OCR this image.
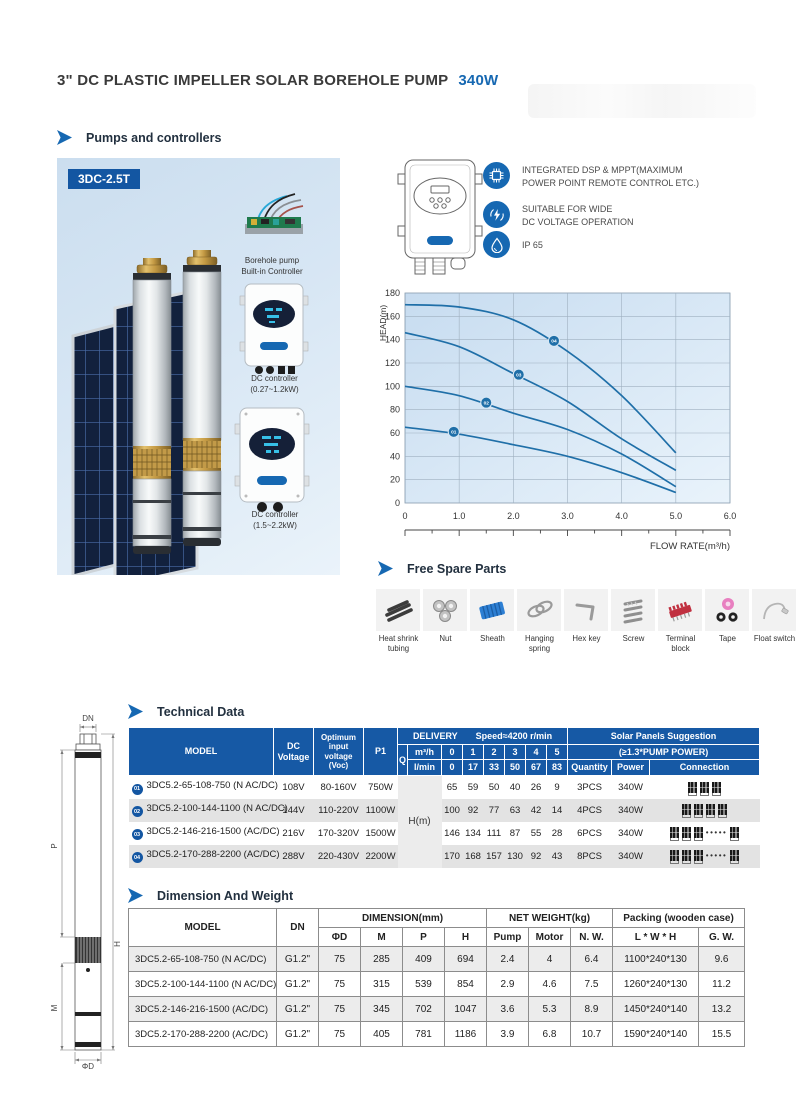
3" DC PLASTIC IMPELLER SOLAR BOREHOLE PUMP 340W
Pumps and controllers
3DC-2.5T
Borehole pump
Built-in Controller
DC controller
(0.27~1.2kW)
DC controller
(1.5~2.2kW)
INTEGRATED DSP & MPPT(MAXIMUM
POWER POINT REMOTE CONTROL ETC.)
SUITABLE FOR WIDE
DC VOLTAGE OPERATION
IP 65
0
20
40
60
80
100
120
140
160
180
01
02
03
04
0	1.0	2.0	3.0	4.0	5.0	6.0
FLOW RATE(m³/h)
HEAD(m)
Free Spare Parts
Heat shrink tubing
Nut	Sheath	Hanging spring
Hex key	Screw	Terminal block
Tape	Float switch
Technical Data
MODEL	DC Voltage	Optimum input voltage (Voc)	P1	DELIVERY Speed≈4200 r/min								Solar Panels Suggestion		
				Q	m³/h	0	1	2	3	4	5	(≥1.3*PUMP POWER)		
					l/min	0	17	33	50	67	83	Quantity	Power	Connection
01 3DC5.2-65-108-750 (N AC/DC)	108V	80-160V	750W	H(m)		65	59	50	40	26	9	3PCS	340W	
02 3DC5.2-100-144-1100 (N AC/DC)	144V	110-220V	1100W			100	92	77	63	42	14	4PCS	340W	
03 3DC5.2-146-216-1500 (AC/DC)	216V	170-320V	1500W			146	134	111	87	55	28	6PCS	340W	•••••
04 3DC5.2-170-288-2200 (AC/DC)	288V	220-430V	2200W			170	168	157	130	92	43	8PCS	340W	•••••
Dimension And Weight
MODEL	DN	DIMENSION(mm)				NET WEIGHT(kg)			Packing (wooden case)	
		ΦD	M	P	H	Pump	Motor	N. W.	L * W * H	G. W.
3DC5.2-65-108-750 (N AC/DC)	G1.2"	75	285	409	694	2.4	4	6.4	1100*240*130	9.6
3DC5.2-100-144-1100 (N AC/DC)	G1.2"	75	315	539	854	2.9	4.6	7.5	1260*240*130	11.2
3DC5.2-146-216-1500 (AC/DC)	G1.2"	75	345	702	1047	3.6	5.3	8.9	1450*240*140	13.2
3DC5.2-170-288-2200 (AC/DC)	G1.2"	75	405	781	1186	3.9	6.8	10.7	1590*240*140	15.5
DN
P
M
H
ΦD
